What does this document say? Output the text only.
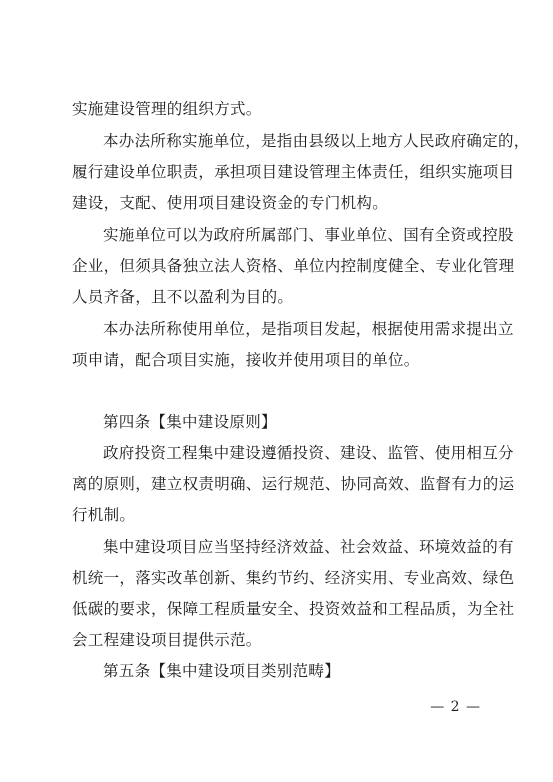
实施建设管理的组织方式。
本办法所称实施单位，是指由县级以上地方人民政府确定的，
履行建设单位职责，承担项目建设管理主体责任，组织实施项目
建设，支配、使用项目建设资金的专门机构。
实施单位可以为政府所属部门、事业单位、国有全资或控股
企业，但须具备独立法人资格、单位内控制度健全、专业化管理
人员齐备，且不以盈利为目的。
本办法所称使用单位，是指项目发起，根据使用需求提出立
项申请，配合项目实施，接收并使用项目的单位。
第四条【集中建设原则】
政府投资工程集中建设遵循投资、建设、监管、使用相互分
离的原则，建立权责明确、运行规范、协同高效、监督有力的运
行机制。
集中建设项目应当坚持经济效益、社会效益、环境效益的有
机统一，落实改革创新、集约节约、经济实用、专业高效、绿色
低碳的要求，保障工程质量安全、投资效益和工程品质，为全社
会工程建设项目提供示范。
第五条【集中建设项目类别范畴】
— 2 —
